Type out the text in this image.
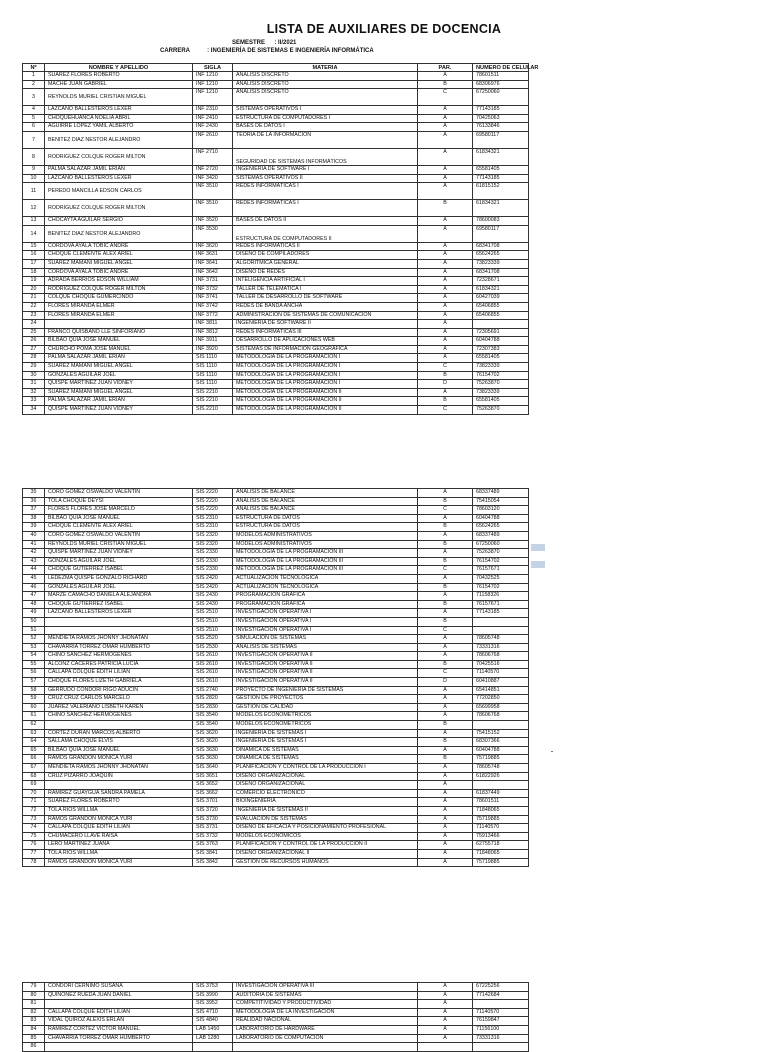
LISTA DE AUXILIARES DE DOCENCIA
SEMESTRE : II/2021
CARRERA	: INGENIERÍA DE SISTEMAS E INGENIERÍA INFORMÁTICA
Nº	NOMBRE Y APELLIDO	SIGLA	MATERIA	PAR.	NUMERO DE CELULAR
1	SUAREZ FLORES ROBERTO	INF 1210	ANÁLISIS DISCRETO	A	78601511
2	MACHE JUAN GABRIEL	INF 1210	ANÁLISIS DISCRETO	B	68306976
3	REYNOLDS MURIEL CRISTIAN MIGUEL	INF 1210	ANÁLISIS DISCRETO	C	67250060
4	LAZCANO BALLESTEROS LEXER	INF 2310	SISTEMAS OPERATIVOS I	A	77143185
5	CHOQUEHUANCA NOELIA ABRIL	INF 2410	ESTRUCTURA DE COMPUTADORES I	A	70425063
6	AGUIRRE LOPEZ YAMIL ALBERTO	INF 2430	BASES DE DATOS I	A	76133846
7	BENITEZ DIAZ NESTOR ALEJANDRO	INF 2610	TEORIA DE LA INFORMACION	A	69580117
8	RODRIGUEZ COLQUE ROGER MILTON	INF 2710	SEGURIDAD DE SISTEMAS INFORMÁTICOS	A	61834321
9	PALMA SALAZAR JAMIL ERIAN	INF 2720	INGENIERÍA DE SOFTWARE I	A	65581405
10	LAZCANO BALLESTEROS LEXER	INF 3420	SISTEMAS OPERATIVOS II	A	77143185
11	PEREDO MANCILLA EDSON CARLOS	INF 3510	REDES INFORMÁTICAS I	A	61815152
12	RODRIGUEZ COLQUE ROGER MILTON	INF 3510	REDES INFORMÁTICAS I	B	61834321
13	CHOCAYTA AGUILAR SERGIO	INF 3520	BASES DE DATOS II	A	78600083
14	BENITEZ DIAZ NESTOR ALEJANDRO	INF 3530	ESTRUCTURA DE COMPUTADORES II	A	69580117
15	CORDOVA AYALA TOBIC ANDRE	INF 3620	REDES INFORMATICAS II	A	68341708
16	CHOQUE CLEMENTE ALEX ARIEL	INF 3631	DISEÑO DE COMPILADORES	A	65624265
17	SUAREZ MAMANI MIGUEL ANGEL	INF 3641	ALGORITMICA GENERAL	A	73823339
18	CORDOVA AYALA TOBIC ANDRE	INF 3642	DISEÑO DE REDES	A	68341708
19	ADRADA BERRIOS EDSON WILLIAM	INF 3731	INTELIGENCIA ARTIFICIAL I	A	72328671
20	RODRIGUEZ COLQUE ROGER MILTON	INF 3732	TALLER DE TELEMATICA I	A	61834321
21	COLQUE CHOQUE GUMERCINDO	INF 3741	TALLER DE DESARROLLO DE SOFTWARE	A	60427039
22	FLORES MIRANDA ELMER	INF 3742	REDES DE BANDA ANCHA	A	65406855
23	FLORES MIRANDA ELMER	INF 3772	ADMINISTRACIÓN DE SISTEMAS DE COMUNICACIÓN	A	65406855
24		INF 3811	INGENIERÍA DE SOFTWARE II	A	
25	FRANCO QUISBANO LLE SINFORIANO	INF 3812	REDES INFORMÁTICAS III	A	72305691
26	BILBAO QUIA JOSE MANUEL	INF 3911	DESARROLLO DE APLICACIONES WEB	A	60404788
27	CHURCHO POMA JOSE MANUEL	INF 3920	SISTEMAS DE INFORMACIÓN GEOGRÁFICA	A	72307383
28	PALMA SALAZAR JAMIL ERIAN	SIS 1110	METODOLOGÍA DE LA PROGRAMACIÓN I	A	65581405
29	SUAREZ MAMANI MIGUEL ANGEL	SIS 1110	METODOLOGÍA DE LA PROGRAMACIÓN I	C	73823339
30	GONZALES AGUILAR JOEL	SIS 1110	METODOLOGÍA DE LA PROGRAMACIÓN I	B	76154702
31	QUISPE MARTINEZ JUAN VIDNEY	SIS 1110	METODOLOGÍA DE LA PROGRAMACIÓN I	D	75263870
32	SUAREZ MAMANI MIGUEL ANGEL	SIS 2210	METODOLOGÍA DE LA PROGRAMACIÓN II	A	73823339
33	PALMA SALAZAR JAMIL ERIAN	SIS 2210	METODOLOGÍA DE LA PROGRAMACIÓN II	B	65581405
34	QUISPE MARTINEZ JUAN VIDNEY	SIS 2210	METODOLOGÍA DE LA PROGRAMACIÓN II	C	75263870
35	CORO GOMEZ OSWALDO VALENTIN	SIS 2220	ANÁLISIS DE BALANCE	A	68337489
36	TOLA CHOQUE DEYSI	SIS 2220	ANÁLISIS DE BALANCE	B	75415054
37	FLORES FLORES JOSE MARCELO	SIS 2220	ANÁLISIS DE BALANCE	C	78603120
38	BILBAO QUIA JOSE MANUEL	SIS 2310	ESTRUCTURA DE DATOS	A	60404788
39	CHOQUE CLEMENTE ALEX ARIEL	SIS 2310	ESTRUCTURA DE DATOS	B	65624265
40	CORO GOMEZ OSWALDO VALENTIN	SIS 2320	MODELOS ADMINISTRATIVOS	A	68337489
41	REYNOLDS MURIEL CRISTIAN MIGUEL	SIS 2320	MODELOS ADMINISTRATIVOS	B	67250060
42	QUISPE MARTINEZ JUAN VIDNEY	SIS 2330	METODOLOGÍA DE LA PROGRAMACIÓN III	A	75263870
43	GONZALES AGUILAR JOEL	SIS 2330	METODOLOGÍA DE LA PROGRAMACIÓN III	B	76154702
44	CHOQUE GUTIERREZ ISABEL	SIS 2330	METODOLOGÍA DE LA PROGRAMACIÓN III	C	76157671
45	LEDEZMA QUISPE GONZALO RICHARD	SIS 2420	ACTUALIZACIÓN TECNOLÓGICA	A	70432525
46	GONZALES AGUILAR JOEL	SIS 2420	ACTUALIZACIÓN TECNOLÓGICA	B	76154702
47	MARZE CAMACHO DANIELA ALEJANDRA	SIS 2430	PROGRAMACIÓN GRÁFICA	A	71158326
48	CHOQUE GUTIERREZ ISABEL	SIS 2430	PROGRAMACIÓN GRÁFICA	B	76157671
49	LAZCANO BALLESTEROS LEXER	SIS 2510	INVESTIGACIÓN OPERATIVA I	A	77143185
50		SIS 2510	INVESTIGACIÓN OPERATIVA I	B	
51		SIS 2510	INVESTIGACIÓN OPERATIVA I	C	
52	MENDIETA RAMOS JHONNY JHONATAN	SIS 2520	SIMULACIÓN DE SISTEMAS	A	78605748
53	CHAVARRIA TORREZ OMAR HUMBERTO	SIS 2530	ANÁLISIS DE SISTEMAS	A	73331316
54	CHINO SANCHEZ HERMOGENES	SIS 2610	INVESTIGACIÓN OPERATIVA II	A	78606768
55	ALCONZ CACERES PATRICIA LUCIA	SIS 2610	INVESTIGACIÓN OPERATIVA II	B	70425516
56	CALLAPA COLQUE EDITH LILIAN	SIS 2610	INVESTIGACIÓN OPERATIVA II	C	71140570
57	CHOQUE FLORES LIZETH GABRIELA	SIS 2610	INVESTIGACIÓN OPERATIVA II	D	60410887
58	GERRUDO CONDORI RIGO ADUCIN	SIS 2740	PROYECTO DE INGENIERÍA DE SISTEMAS	A	65414851
59	CRUZ CRUZ CARLOS MARCELO	SIS 2820	GESTIÓN DE PROYECTOS	A	77202850
60	JUAREZ VALERIANO LISBETH KAREN	SIS 2830	GESTIÓN DE CALIDAD	A	65699958
61	CHINO SANCHEZ HERMOGENES	SIS 3540	MODELOS ECONOMETRICOS	A	78606768
62		SIS 3540	MODELOS ECONOMETRICOS	B	
63	CORTEZ DURAN MARCOS ALBERTO	SIS 3620	INGENIERÍA DE SISTEMAS I	A	75415152
64	SALLAMA CHOQUE ELVIS	SIS 3620	INGENIERÍA DE SISTEMAS I	B	68307366
65	BILBAO QUIA JOSE MANUEL	SIS 3630	DINÁMICA DE SISTEMAS	A	60404788
66	RAMOS GRANDON MONICA YURI	SIS 3630	DINÁMICA DE SISTEMAS	B	75719885
67	MENDIETA RAMOS JHONNY JHONATAN	SIS 3640	PLANIFICACIÓN Y CONTROL DE LA PRODUCCIÓN I	A	78605748
68	CRUZ PIZARRO JOAQUIN	SIS 3651	DISEÑO ORGANIZACIONAL	A	61822926
69		SIS 3652	DISEÑO ORGANIZACIONAL	A	
70	RAMIREZ GUAYGUA SANDRA PAMELA	SIS 3662	COMERCIO ELECTRÓNICO	A	61837449
71	SUAREZ FLORES ROBERTO	SIS 3701	BIOINGENIERIA	A	78601511
72	TOLA RIOS WILLMA	SIS 3720	INGENIERÍA DE SISTEMAS II	A	71848065
73	RAMOS GRANDON MONICA YURI	SIS 3730	EVALUACIÓN DE SISTEMAS	A	75719885
74	CALLAPA COLQUE EDITH LILIAN	SIS 3731	DISEÑO DE EFICACIA Y POSICIONAMIENTO PROFESIONAL	A	71140570
75	CHUMACERO LLAVE RAISA	SIS 3732	MODELOS ECONÓMICOS	A	75913466
76	LERO MARTINEZ JUANA	SIS 3763	PLANIFICACIÓN Y CONTROL DE LA PRODUCCIÓN II	A	62755718
77	TOLA RIOS WILLMA	SIS 3841	DISEÑO ORGANIZACIONAL II	A	71848065
78	RAMOS GRANDON MONICA YURI	SIS 3842	GESTIÓN DE RECURSOS HUMANOS	A	75719885
79	CONDORI CERNIMO SUSANA	SIS 3753	INVESTIGACIÓN OPERATIVA III	A	67225256
80	QUINONEZ RUEDA JUAN DANIEL	SIS 3990	AUDITORÍA DE SISTEMAS	A	77142684
81		SIS 3952	COMPETITIVIDAD Y PRODUCTIVIDAD	A	
82	CALLAPA COLQUE EDITH LILIAN	SIS 4710	METODOLOGÍA DE LA INVESTIGACIÓN	A	71140570
83	VIDAL QUIROZ ALEXIS ERLAN	SIS 4840	REALIDAD NACIONAL	A	76159847
84	RAMIREZ CORTEZ VICTOR MANUEL	LAB 1450	LABORATORIO DE HARDWARE	A	71156100
85	CHAVARRIA TORREZ OMAR HUMBERTO	LAB 1280	LABORATORIO DE COMPUTACIÓN	A	73331316
86					
